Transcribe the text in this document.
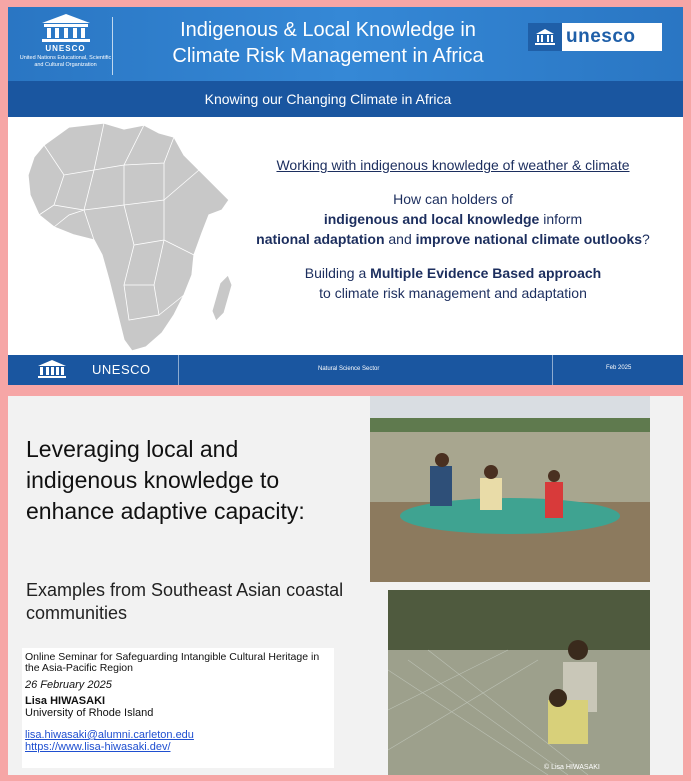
UNESCO
United Nations Educational, Scientific and Cultural Organization
Indigenous & Local Knowledge in Climate Risk Management in Africa
unesco
Knowing our Changing Climate in Africa
Working with indigenous knowledge of weather & climate
How can holders of
indigenous and local knowledge inform
national adaptation and improve national climate outlooks?
Building a Multiple Evidence Based approach
to climate risk management and adaptation
UNESCO	Natural Science Sector	Feb 2025
Leveraging local and indigenous knowledge to enhance adaptive capacity:
Examples from Southeast Asian coastal communities
Online Seminar for Safeguarding Intangible Cultural Heritage in the Asia-Pacific Region
26 February 2025
Lisa HIWASAKI
University of Rhode Island
lisa.hiwasaki@alumni.carleton.edu
https://www.lisa-hiwasaki.dev/
© Lisa HIWASAKI
